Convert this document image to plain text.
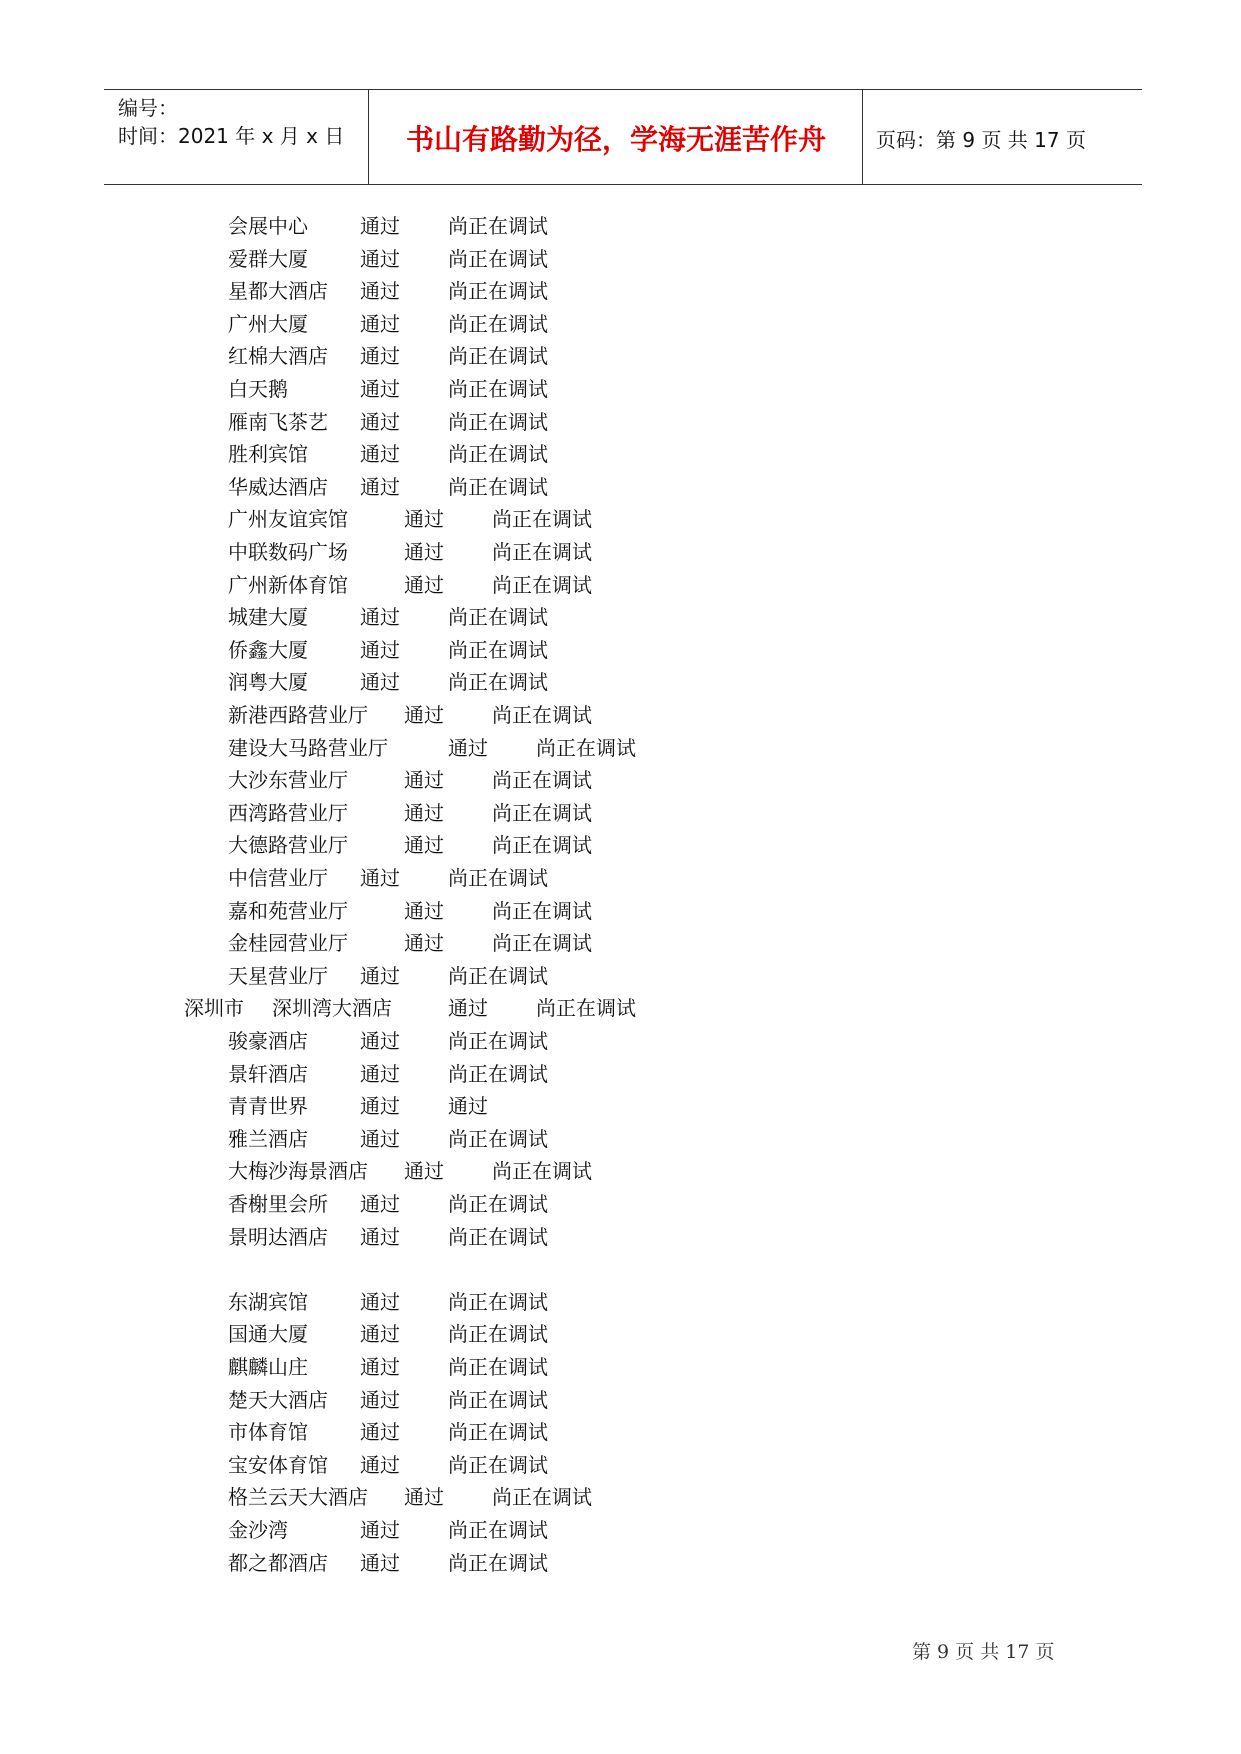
编号：
时间：2021 年 x 月 x 日	书山有路勤为径，学海无涯苦作舟	页码：第 9 页 共 17 页
会展中心	通过 尚正在调试
爱群大厦	通过 尚正在调试
星都大酒店 通过 尚正在调试
广州大厦	通过 尚正在调试
红棉大酒店 通过 尚正在调试
白天鹅	通过 尚正在调试
雁南飞茶艺 通过 尚正在调试
胜利宾馆	通过 尚正在调试
华威达酒店 通过 尚正在调试
广州友谊宾馆	通过 尚正在调试
中联数码广场	通过 尚正在调试
广州新体育馆	通过 尚正在调试
城建大厦	通过 尚正在调试
侨鑫大厦	通过 尚正在调试
润粤大厦	通过 尚正在调试
新港西路营业厅 通过 尚正在调试
建设大马路营业厅	通过 尚正在调试
大沙东营业厅	通过 尚正在调试
西湾路营业厅	通过 尚正在调试
大德路营业厅	通过 尚正在调试
中信营业厅 通过 尚正在调试
嘉和苑营业厅	通过 尚正在调试
金桂园营业厅	通过 尚正在调试
天星营业厅 通过 尚正在调试
深圳市 深圳湾大酒店	通过 尚正在调试
骏豪酒店	通过 尚正在调试
景轩酒店	通过 尚正在调试
青青世界	通过 通过
雅兰酒店	通过 尚正在调试
大梅沙海景酒店 通过 尚正在调试
香榭里会所 通过 尚正在调试
景明达酒店 通过 尚正在调试
东湖宾馆	通过 尚正在调试
国通大厦	通过 尚正在调试
麒麟山庄	通过 尚正在调试
楚天大酒店 通过 尚正在调试
市体育馆	通过 尚正在调试
宝安体育馆 通过 尚正在调试
格兰云天大酒店 通过 尚正在调试
金沙湾	通过 尚正在调试
都之都酒店 通过 尚正在调试
第 9 页 共 17 页
